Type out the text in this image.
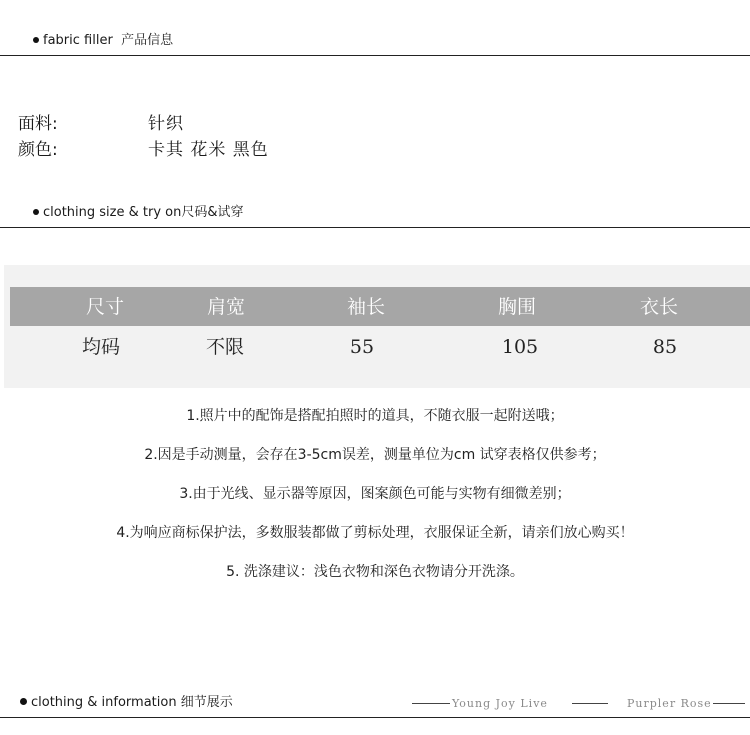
fabric filler 产品信息
面料:	针织
颜色:	卡其 花米 黑色
clothing size & try on尺码&试穿
尺寸	肩宽	袖长	胸围	衣长
均码	不限	55	105	85
1.照片中的配饰是搭配拍照时的道具，不随衣服一起附送哦；
2.因是手动测量，会存在3-5cm误差，测量单位为cm 试穿表格仅供参考；
3.由于光线、显示器等原因，图案颜色可能与实物有细微差别；
4.为响应商标保护法，多数服装都做了剪标处理，衣服保证全新，请亲们放心购买！
5. 洗涤建议：浅色衣物和深色衣物请分开洗涤。
clothing & information 细节展示	Young Joy Live	Purpler Rose
